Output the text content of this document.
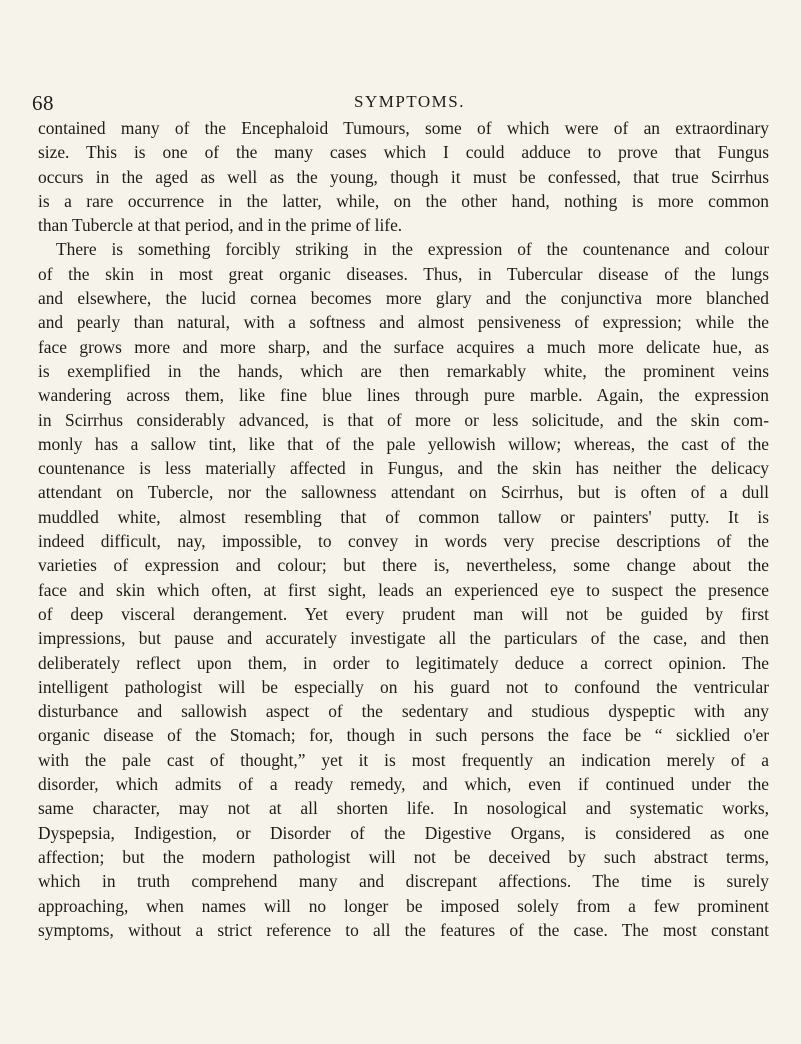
68	SYMPTOMS.
contained many of the Encephaloid Tumours, some of which were of an extraordinary
size. This is one of the many cases which I could adduce to prove that Fungus
occurs in the aged as well as the young, though it must be confessed, that true Scirrhus
is a rare occurrence in the latter, while, on the other hand, nothing is more common
than Tubercle at that period, and in the prime of life.
There is something forcibly striking in the expression of the countenance and colour
of the skin in most great organic diseases. Thus, in Tubercular disease of the lungs
and elsewhere, the lucid cornea becomes more glary and the conjunctiva more blanched
and pearly than natural, with a softness and almost pensiveness of expression; while the
face grows more and more sharp, and the surface acquires a much more delicate hue, as
is exemplified in the hands, which are then remarkably white, the prominent veins
wandering across them, like fine blue lines through pure marble. Again, the expression
in Scirrhus considerably advanced, is that of more or less solicitude, and the skin com-
monly has a sallow tint, like that of the pale yellowish willow; whereas, the cast of the
countenance is less materially affected in Fungus, and the skin has neither the delicacy
attendant on Tubercle, nor the sallowness attendant on Scirrhus, but is often of a dull
muddled white, almost resembling that of common tallow or painters' putty. It is
indeed difficult, nay, impossible, to convey in words very precise descriptions of the
varieties of expression and colour; but there is, nevertheless, some change about the
face and skin which often, at first sight, leads an experienced eye to suspect the presence
of deep visceral derangement. Yet every prudent man will not be guided by first
impressions, but pause and accurately investigate all the particulars of the case, and then
deliberately reflect upon them, in order to legitimately deduce a correct opinion. The
intelligent pathologist will be especially on his guard not to confound the ventricular
disturbance and sallowish aspect of the sedentary and studious dyspeptic with any
organic disease of the Stomach; for, though in such persons the face be “ sicklied o'er
with the pale cast of thought,” yet it is most frequently an indication merely of a
disorder, which admits of a ready remedy, and which, even if continued under the
same character, may not at all shorten life. In nosological and systematic works,
Dyspepsia, Indigestion, or Disorder of the Digestive Organs, is considered as one
affection; but the modern pathologist will not be deceived by such abstract terms,
which in truth comprehend many and discrepant affections. The time is surely
approaching, when names will no longer be imposed solely from a few prominent
symptoms, without a strict reference to all the features of the case. The most constant
